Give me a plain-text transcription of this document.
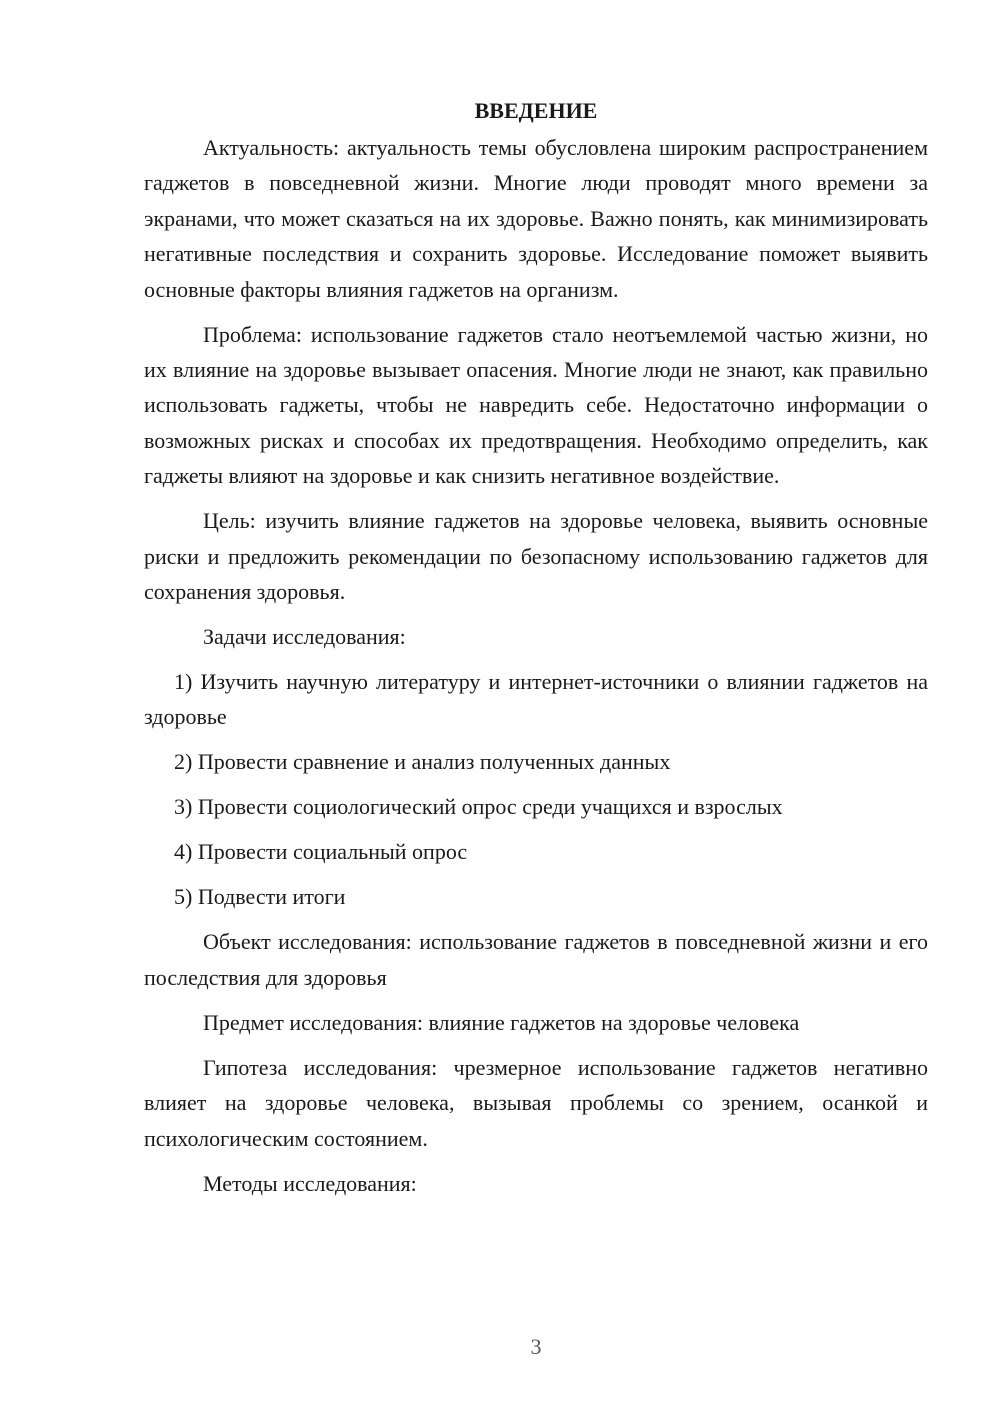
ВВЕДЕНИЕ

Актуальность: актуальность темы обусловлена широким распространением гаджетов в повседневной жизни. Многие люди проводят много времени за экранами, что может сказаться на их здоровье. Важно понять, как минимизировать негативные последствия и сохранить здоровье. Исследование поможет выявить основные факторы влияния гаджетов на организм.

Проблема: использование гаджетов стало неотъемлемой частью жизни, но их влияние на здоровье вызывает опасения. Многие люди не знают, как правильно использовать гаджеты, чтобы не навредить себе. Недостаточно информации о возможных рисках и способах их предотвращения. Необходимо определить, как гаджеты влияют на здоровье и как снизить негативное воздействие.

Цель: изучить влияние гаджетов на здоровье человека, выявить основные риски и предложить рекомендации по безопасному использованию гаджетов для сохранения здоровья.

Задачи исследования:

1) Изучить научную литературу и интернет-источники о влиянии гаджетов на здоровье

2) Провести сравнение и анализ полученных данных

3) Провести социологический опрос среди учащихся и взрослых

4) Провести социальный опрос

5) Подвести итоги

Объект исследования: использование гаджетов в повседневной жизни и его последствия для здоровья

Предмет исследования: влияние гаджетов на здоровье человека

Гипотеза исследования: чрезмерное использование гаджетов негативно влияет на здоровье человека, вызывая проблемы со зрением, осанкой и психологическим состоянием.

Методы исследования:

3
